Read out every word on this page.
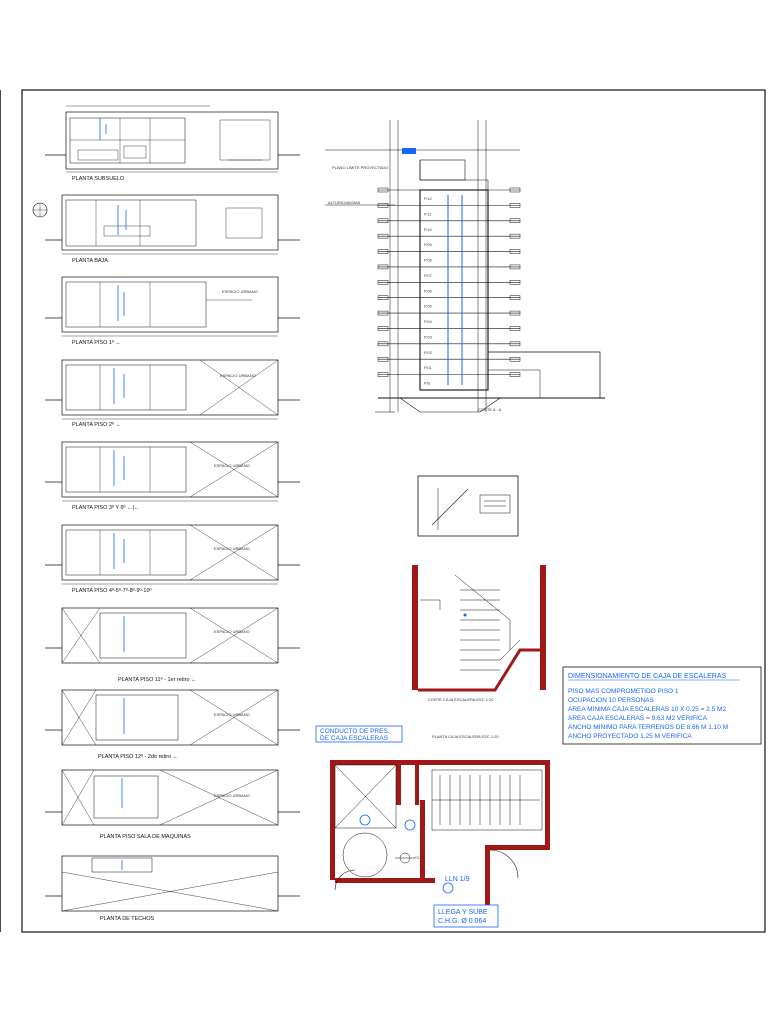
PLANTA SUBSUELO
PLANTA BAJA
PLANTA PISO 1º ←
PLANTA PISO 2º ←
PLANTA PISO 3º Y 6º ←|←
PLANTA PISO 4º-5º-7º-8º-9º-10º
PLANTA PISO 11º - 1er retiro ←
PLANTA PISO 12º - 2do retiro ←
PLANTA PISO SALA DE MAQUINAS
PLANTA DE TECHOS
ESPACIO URBANO
ESPACIO URBANO
ESPACIO URBANO
ESPACIO URBANO
ESPACIO URBANO
ESPACIO URBANO
ESPACIO URBANO
PLANO LIMITE PROYECTADO
ALTURA MAXIMA
CORTE A - A
P.12
P.11
P.10
P.09
P.08
P.07
P.06
P.05
P.04
P.03
P.02
P.01
P.B.
CORTE CAJA ESCALERA ESC 1:20
DIMENSIONAMIENTO DE CAJA DE ESCALERAS
PISO MAS COMPROMETIDO PISO 1
OCUPACION 10 PERSONAS
AREA MINIMA CAJA ESCALERAS 10 X 0.25 = 2.5 M2
AREA CAJA ESCALERAS = 9.63 M2 VERIFICA
ANCHO MINIMO PARA TERRENOS DE 8.66 M 1.10 M
ANCHO PROYECTADO 1.25 M VERIFICA
PLANTA CAJA ESCALERA ESC 1:20
CONDUCTO DE PRES.
DE CAJA ESCALERAS
+3.25
LLN 1/9
LLEGA Y SUBE
C.H.G. Ø 0.064
